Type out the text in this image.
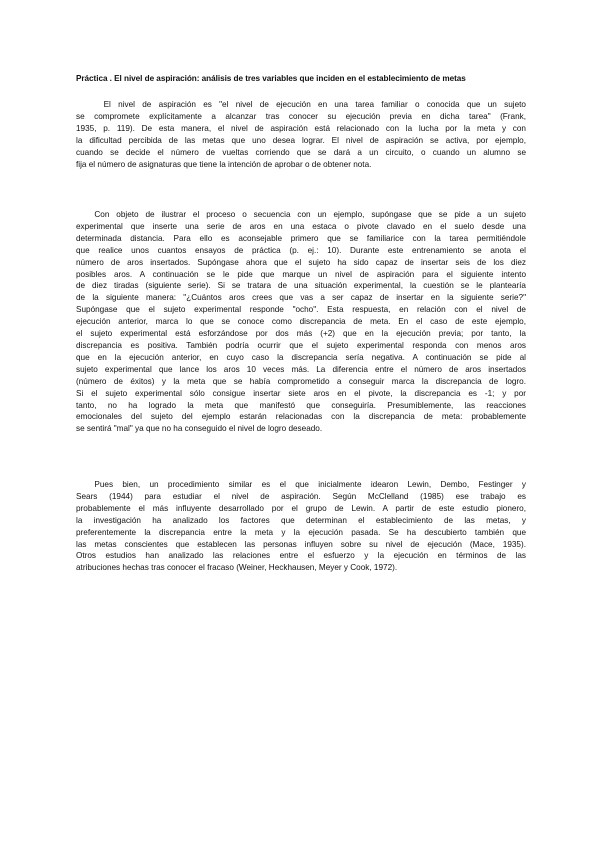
Práctica . El nivel de aspiración: análisis de tres variables que inciden en el establecimiento de metas
El nivel de aspiración es "el nivel de ejecución en una tarea familiar o conocida que un sujeto
se compromete explícitamente a alcanzar tras conocer su ejecución previa en dicha tarea" (Frank,
1935, p. 119). De esta manera, el nivel de aspiración está relacionado con la lucha por la meta y con
la dificultad percibida de las metas que uno desea lograr. El nivel de aspiración se activa, por ejemplo,
cuando se decide el número de vueltas corriendo que se dará a un circuito, o cuando un alumno se
fija el número de asignaturas que tiene la intención de aprobar o de obtener nota.
Con objeto de ilustrar el proceso o secuencia con un ejemplo, supóngase que se pide a un sujeto
experimental que inserte una serie de aros en una estaca o pivote clavado en el suelo desde una
determinada distancia. Para ello es aconsejable primero que se familiarice con la tarea permitiéndole
que realice unos cuantos ensayos de práctica (p. ej.: 10). Durante este entrenamiento se anota el
número de aros insertados. Supóngase ahora que el sujeto ha sido capaz de insertar seis de los diez
posibles aros. A continuación se le pide que marque un nivel de aspiración para el siguiente intento
de diez tiradas (siguiente serie). Si se tratara de una situación experimental, la cuestión se le plantearía
de la siguiente manera: "¿Cuántos aros crees que vas a ser capaz de insertar en la siguiente serie?"
Supóngase que el sujeto experimental responde "ocho". Esta respuesta, en relación con el nivel de
ejecución anterior, marca lo que se conoce como discrepancia de meta. En el caso de este ejemplo,
el sujeto experimental está esforzándose por dos más (+2) que en la ejecución previa; por tanto, la
discrepancia es positiva. También podría ocurrir que el sujeto experimental responda con menos aros
que en la ejecución anterior, en cuyo caso la discrepancia sería negativa. A continuación se pide al
sujeto experimental que lance los aros 10 veces más. La diferencia entre el número de aros insertados
(número de éxitos) y la meta que se había comprometido a conseguir marca la discrepancia de logro.
Si el sujeto experimental sólo consigue insertar siete aros en el pivote, la discrepancia es -1; y por
tanto, no ha logrado la meta que manifestó que conseguiría. Presumiblemente, las reacciones
emocionales del sujeto del ejemplo estarán relacionadas con la discrepancia de meta: probablemente
se sentirá "mal" ya que no ha conseguido el nivel de logro deseado.
Pues bien, un procedimiento similar es el que inicialmente idearon Lewin, Dembo, Festinger y
Sears (1944) para estudiar el nivel de aspiración. Según McClelland (1985) ese trabajo es
probablemente el más influyente desarrollado por el grupo de Lewin. A partir de este estudio pionero,
la investigación ha analizado los factores que determinan el establecimiento de las metas, y
preferentemente la discrepancia entre la meta y la ejecución pasada. Se ha descubierto también que
las metas conscientes que establecen las personas influyen sobre su nivel de ejecución (Mace, 1935).
Otros estudios han analizado las relaciones entre el esfuerzo y la ejecución en términos de las
atribuciones hechas tras conocer el fracaso (Weiner, Heckhausen, Meyer y Cook, 1972).
